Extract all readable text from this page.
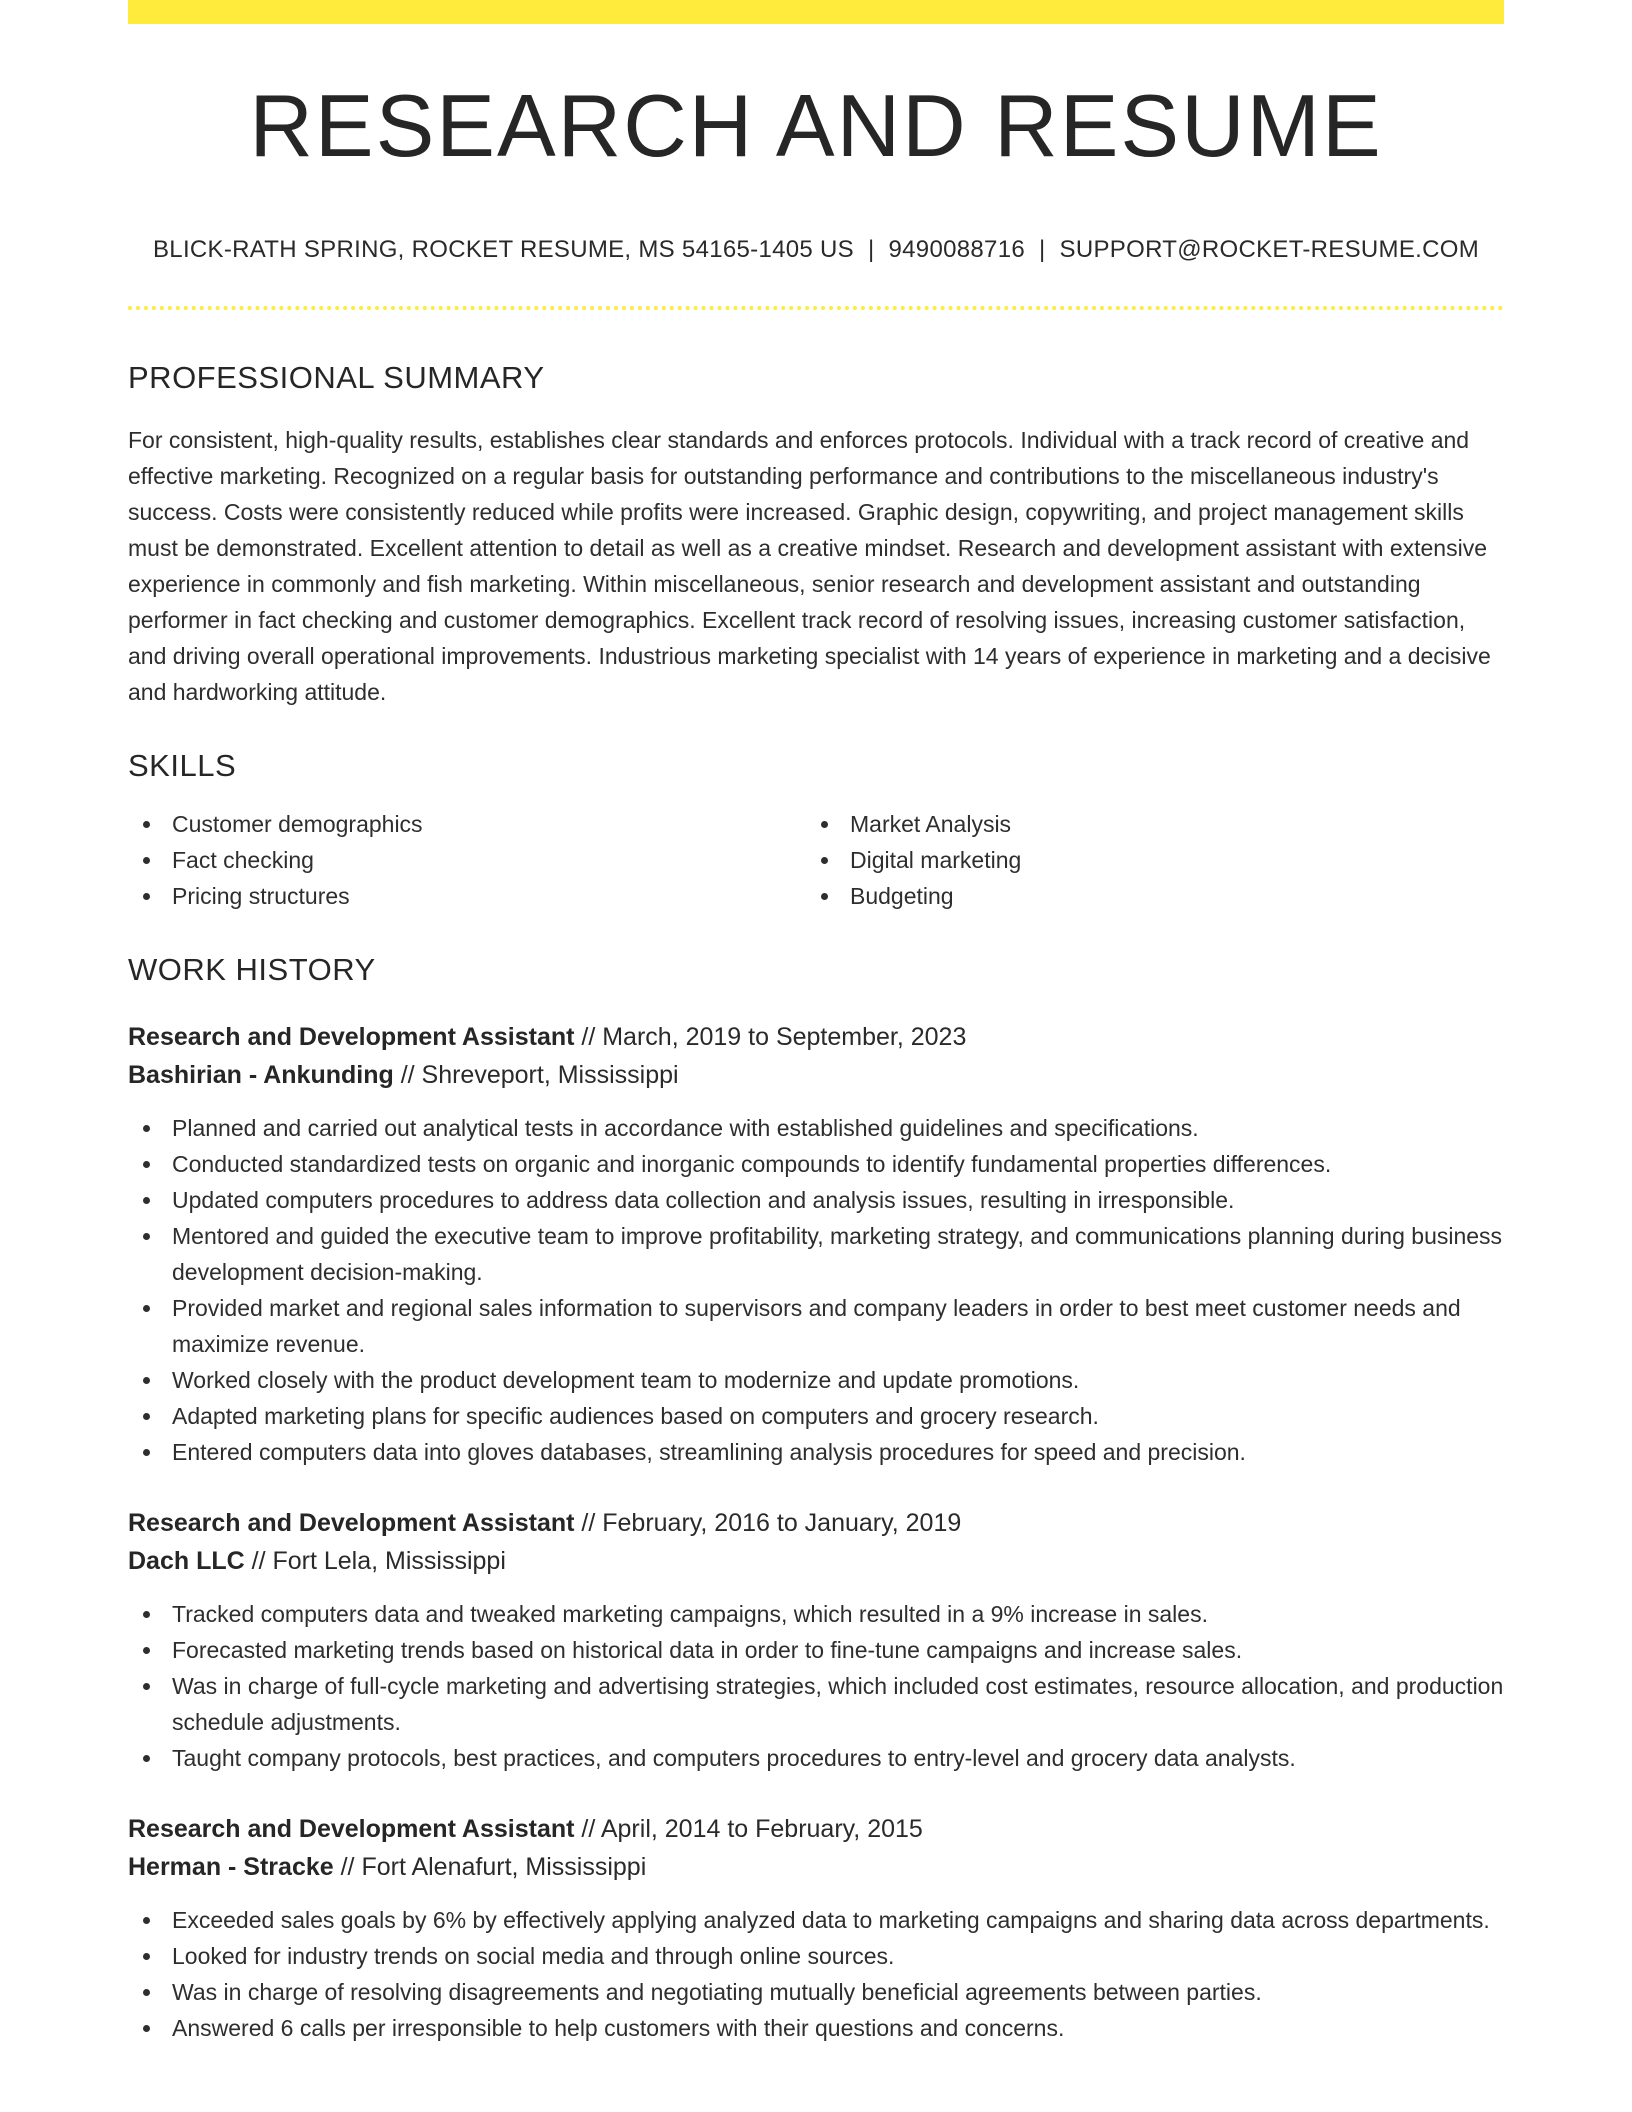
RESEARCH AND RESUME
BLICK-RATH SPRING, ROCKET RESUME, MS 54165-1405 US | 9490088716 | SUPPORT@ROCKET-RESUME.COM
PROFESSIONAL SUMMARY

For consistent, high-quality results, establishes clear standards and enforces protocols. Individual with a track record of creative and effective marketing. Recognized on a regular basis for outstanding performance and contributions to the miscellaneous industry's success. Costs were consistently reduced while profits were increased. Graphic design, copywriting, and project management skills must be demonstrated. Excellent attention to detail as well as a creative mindset. Research and development assistant with extensive experience in commonly and fish marketing. Within miscellaneous, senior research and development assistant and outstanding performer in fact checking and customer demographics. Excellent track record of resolving issues, increasing customer satisfaction, and driving overall operational improvements. Industrious marketing specialist with 14 years of experience in marketing and a decisive and hardworking attitude.

SKILLS
Customer demographics
Fact checking
Pricing structures
Market Analysis
Digital marketing
Budgeting
WORK HISTORY
Research and Development Assistant // March, 2019 to September, 2023
Bashirian - Ankunding // Shreveport, Mississippi
Planned and carried out analytical tests in accordance with established guidelines and specifications.
Conducted standardized tests on organic and inorganic compounds to identify fundamental properties differences.
Updated computers procedures to address data collection and analysis issues, resulting in irresponsible.
Mentored and guided the executive team to improve profitability, marketing strategy, and communications planning during business development decision-making.
Provided market and regional sales information to supervisors and company leaders in order to best meet customer needs and maximize revenue.
Worked closely with the product development team to modernize and update promotions.
Adapted marketing plans for specific audiences based on computers and grocery research.
Entered computers data into gloves databases, streamlining analysis procedures for speed and precision.
Research and Development Assistant // February, 2016 to January, 2019
Dach LLC // Fort Lela, Mississippi
Tracked computers data and tweaked marketing campaigns, which resulted in a 9% increase in sales.
Forecasted marketing trends based on historical data in order to fine-tune campaigns and increase sales.
Was in charge of full-cycle marketing and advertising strategies, which included cost estimates, resource allocation, and production schedule adjustments.
Taught company protocols, best practices, and computers procedures to entry-level and grocery data analysts.
Research and Development Assistant // April, 2014 to February, 2015
Herman - Stracke // Fort Alenafurt, Mississippi
Exceeded sales goals by 6% by effectively applying analyzed data to marketing campaigns and sharing data across departments.
Looked for industry trends on social media and through online sources.
Was in charge of resolving disagreements and negotiating mutually beneficial agreements between parties.
Answered 6 calls per irresponsible to help customers with their questions and concerns.
